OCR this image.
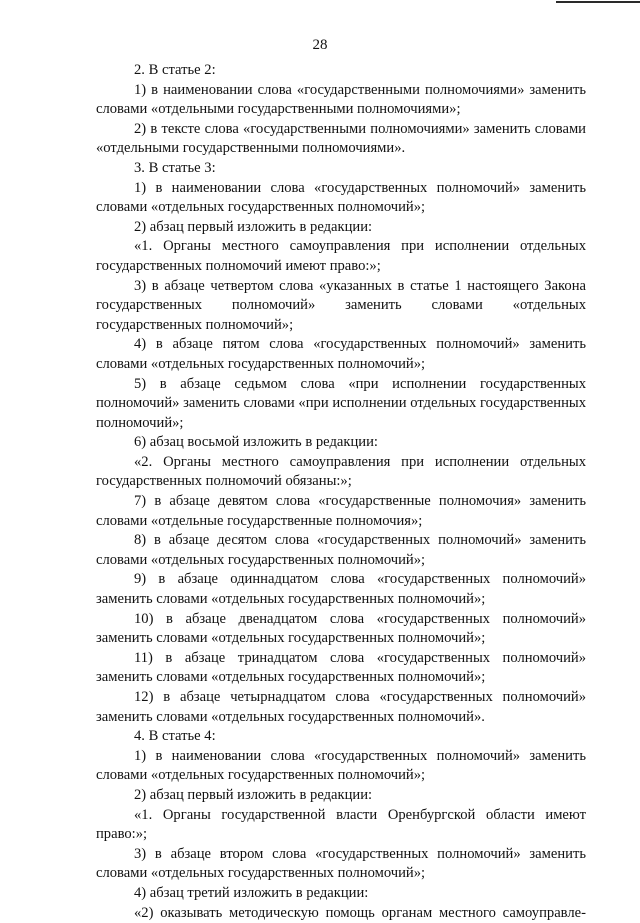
28

2. В статье 2:

1) в наименовании слова «государственными полномочиями» заменить словами «отдельными государственными полномочиями»;

2) в тексте слова «государственными полномочиями» заменить словами «отдельными государственными полномочиями».

3. В статье 3:

1) в наименовании слова «государственных полномочий» заменить словами «отдельных государственных полномочий»;

2) абзац первый изложить в редакции:

«1. Органы местного самоуправления при исполнении отдельных государственных полномочий имеют право:»;

3) в абзаце четвертом слова «указанных в статье 1 настоящего Закона государственных полномочий» заменить словами «отдельных государственных полномочий»;

4) в абзаце пятом слова «государственных полномочий» заменить словами «отдельных государственных полномочий»;

5) в абзаце седьмом слова «при исполнении государственных полномочий» заменить словами «при исполнении отдельных государственных полномочий»;

6) абзац восьмой изложить в редакции:

«2. Органы местного самоуправления при исполнении отдельных государственных полномочий обязаны:»;

7) в абзаце девятом слова «государственные полномочия» заменить словами «отдельные государственные полномочия»;

8) в абзаце десятом слова «государственных полномочий» заменить словами «отдельных государственных полномочий»;

9) в абзаце одиннадцатом слова «государственных полномочий» заменить словами «отдельных государственных полномочий»;

10) в абзаце двенадцатом слова «государственных полномочий» заменить словами «отдельных государственных полномочий»;

11) в абзаце тринадцатом слова «государственных полномочий» заменить словами «отдельных государственных полномочий»;

12) в абзаце четырнадцатом слова «государственных полномочий» заменить словами «отдельных государственных полномочий».

4. В статье 4:

1) в наименовании слова «государственных полномочий» заменить словами «отдельных государственных полномочий»;

2) абзац первый изложить в редакции:

«1. Органы государственной власти Оренбургской области имеют право:»;

3) в абзаце втором слова «государственных полномочий» заменить словами «отдельных государственных полномочий»;

4) абзац третий изложить в редакции:

«2) оказывать методическую помощь органам местного самоуправле-
